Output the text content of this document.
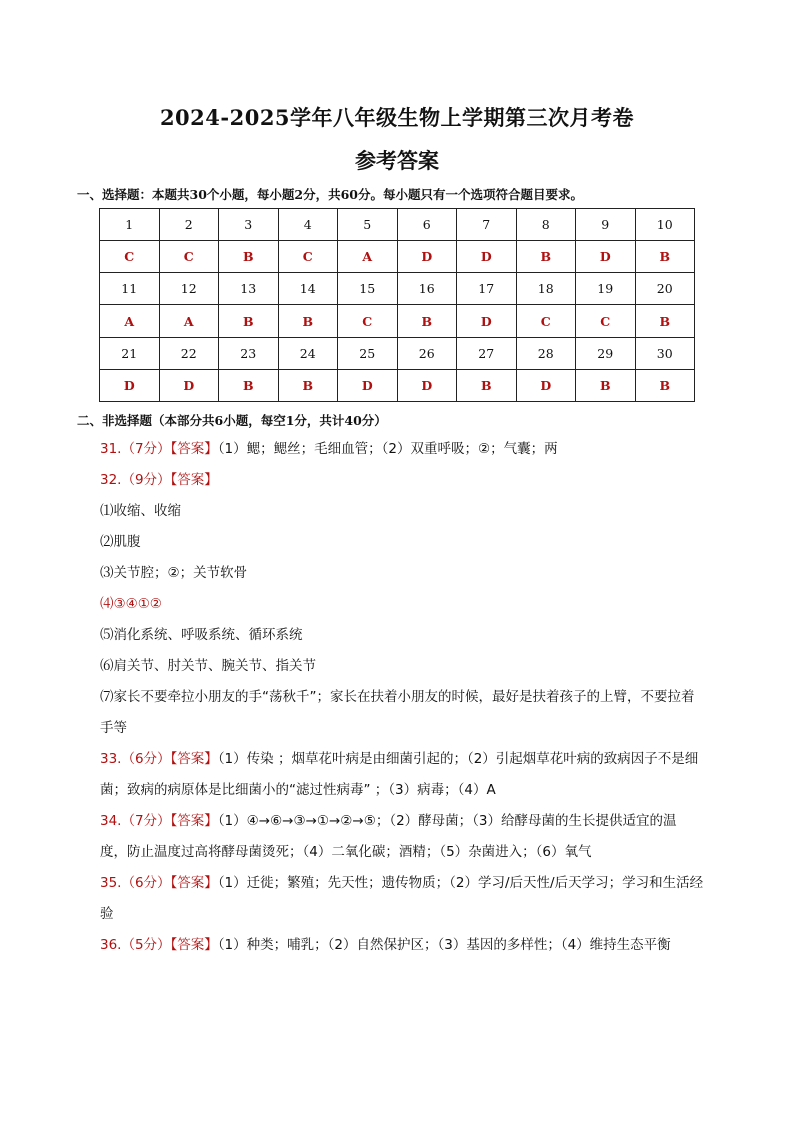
2024-2025学年八年级生物上学期第三次月考卷
参考答案
一、选择题：本题共30个小题，每小题2分，共60分。每小题只有一个选项符合题目要求。
1	2	3	4	5	6	7	8	9	10
C	C	B	C	A	D	D	B	D	B
11	12	13	14	15	16	17	18	19	20
A	A	B	B	C	B	D	C	C	B
21	22	23	24	25	26	27	28	29	30
D	D	B	B	D	D	B	D	B	B
二、非选择题（本部分共6小题，每空1分，共计40分）
31.（7分）【答案】（1）鳃；鳃丝；毛细血管；（2）双重呼吸；②；气囊；两
32.（9分）【答案】
⑴收缩、收缩
⑵肌腹
⑶关节腔；②；关节软骨
⑷③④①②
⑸消化系统、呼吸系统、循环系统
⑹肩关节、肘关节、腕关节、指关节
⑺家长不要牵拉小朋友的手“荡秋千”；家长在扶着小朋友的时候，最好是扶着孩子的上臂，不要拉着
手等
33.（6分）【答案】（1）传染 ；烟草花叶病是由细菌引起的；（2）引起烟草花叶病的致病因子不是细
菌；致病的病原体是比细菌小的“滤过性病毒” ；（3）病毒；（4）A
34.（7分）【答案】（1）④→⑥→③→①→②→⑤；（2）酵母菌；（3）给酵母菌的生长提供适宜的温
度，防止温度过高将酵母菌烫死；（4）二氧化碳；酒精；（5）杂菌进入；（6）氧气
35.（6分）【答案】（1）迁徙；繁殖；先天性；遗传物质；（2）学习/后天性/后天学习；学习和生活经
验
36.（5分）【答案】（1）种类；哺乳；（2）自然保护区；（3）基因的多样性；（4）维持生态平衡
